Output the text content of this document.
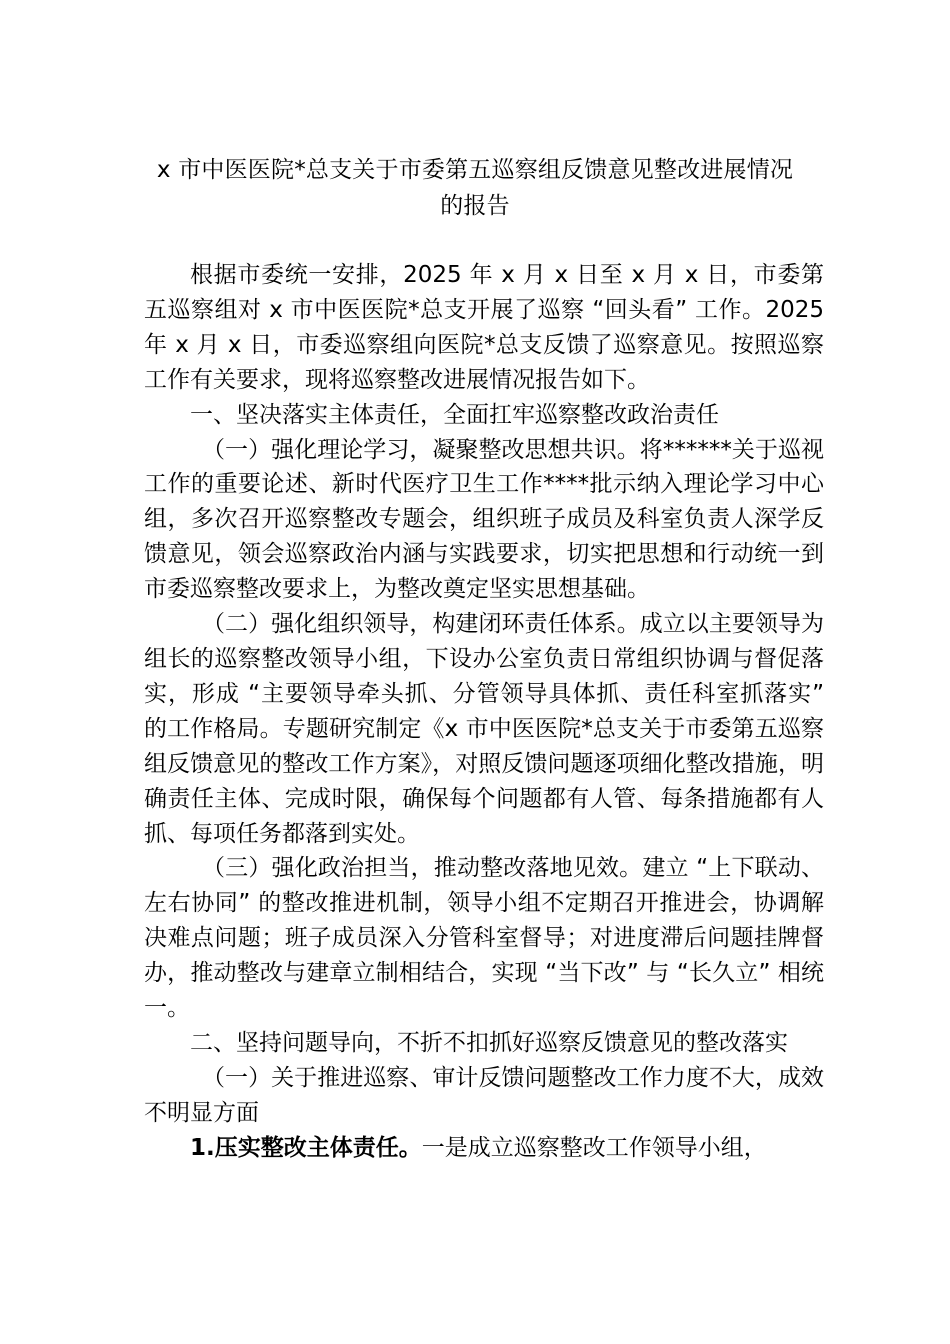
x 市中医医院*总支关于市委第五巡察组反馈意见整改进展情况
的报告

根据市委统一安排，2025 年 x 月 x 日至 x 月 x 日，市委第五巡察组对 x 市中医医院*总支开展了巡察 “回头看” 工作。2025 年 x 月 x 日，市委巡察组向医院*总支反馈了巡察意见。按照巡察工作有关要求，现将巡察整改进展情况报告如下。

一、坚决落实主体责任，全面扛牢巡察整改政治责任

（一）强化理论学习，凝聚整改思想共识。将******关于巡视工作的重要论述、新时代医疗卫生工作****批示纳入理论学习中心组，多次召开巡察整改专题会，组织班子成员及科室负责人深学反馈意见，领会巡察政治内涵与实践要求，切实把思想和行动统一到市委巡察整改要求上，为整改奠定坚实思想基础。

（二）强化组织领导，构建闭环责任体系。成立以主要领导为组长的巡察整改领导小组，下设办公室负责日常组织协调与督促落实，形成 “主要领导牵头抓、分管领导具体抓、责任科室抓落实” 的工作格局。专题研究制定《x 市中医医院*总支关于市委第五巡察组反馈意见的整改工作方案》，对照反馈问题逐项细化整改措施，明确责任主体、完成时限，确保每个问题都有人管、每条措施都有人抓、每项任务都落到实处。

（三）强化政治担当，推动整改落地见效。建立 “上下联动、左右协同” 的整改推进机制，领导小组不定期召开推进会，协调解决难点问题；班子成员深入分管科室督导；对进度滞后问题挂牌督办，推动整改与建章立制相结合，实现 “当下改” 与 “长久立” 相统一。

二、坚持问题导向，不折不扣抓好巡察反馈意见的整改落实

（一）关于推进巡察、审计反馈问题整改工作力度不大，成效不明显方面

1.压实整改主体责任。一是成立巡察整改工作领导小组，
